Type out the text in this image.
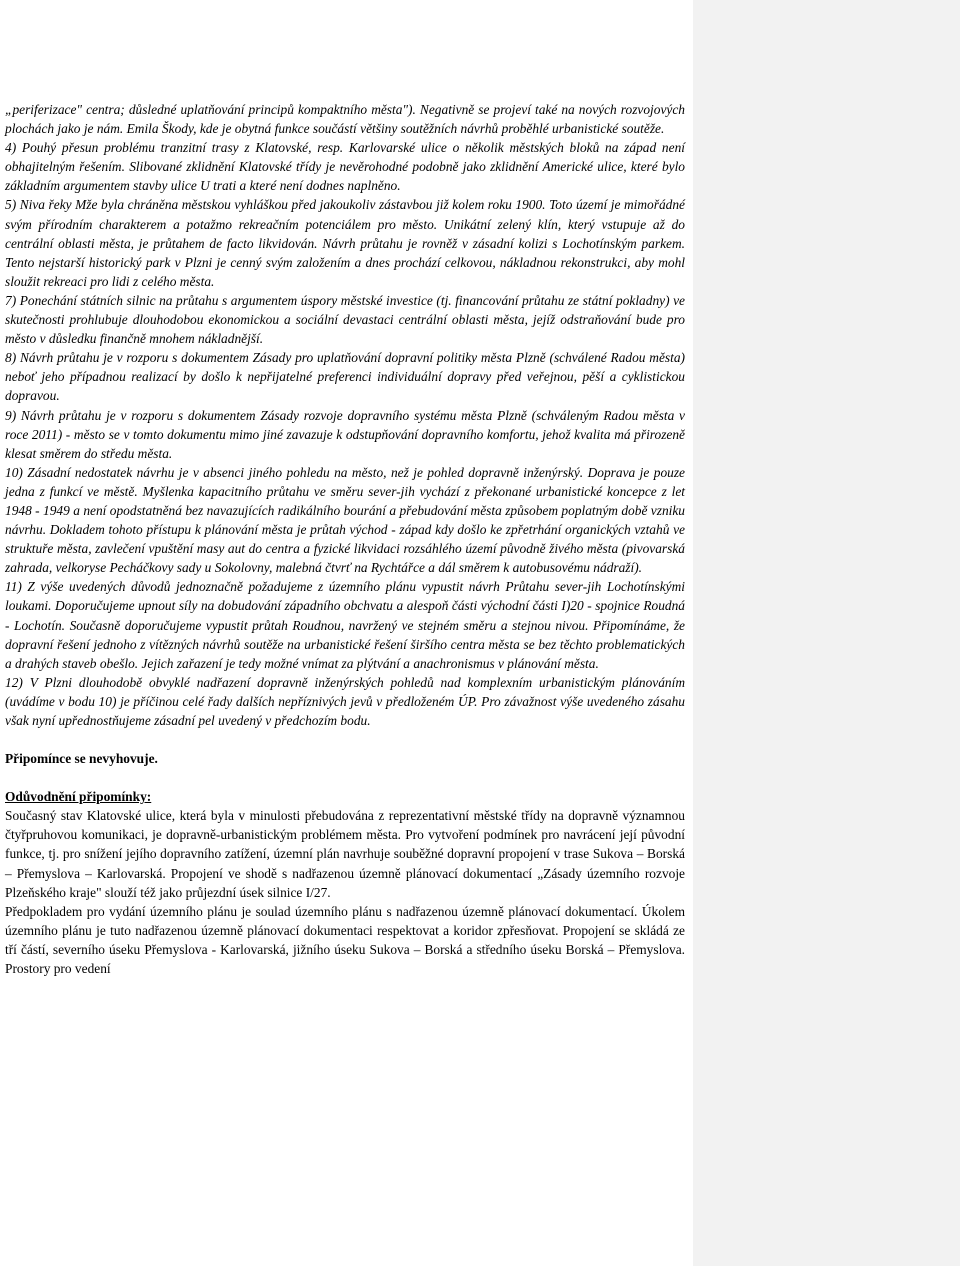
„periferizace" centra; důsledné uplatňování principů kompaktního města"). Negativně se projeví také na nových rozvojových plochách jako je nám. Emila Škody, kde je obytná funkce součástí většiny soutěžních návrhů proběhlé urbanistické soutěže.

4) Pouhý přesun problému tranzitní trasy z Klatovské, resp. Karlovarské ulice o několik městských bloků na západ není obhajitelným řešením. Slibované zklidnění Klatovské třídy je nevěrohodné podobně jako zklidnění Americké ulice, které bylo základním argumentem stavby ulice U trati a které není dodnes naplněno.

5) Niva řeky Mže byla chráněna městskou vyhláškou před jakoukoliv zástavbou již kolem roku 1900. Toto území je mimořádné svým přírodním charakterem a potažmo rekreačním potenciálem pro město. Unikátní zelený klín, který vstupuje až do centrální oblasti města, je průtahem de facto likvidován. Návrh průtahu je rovněž v zásadní kolizi s Lochotínským parkem. Tento nejstarší historický park v Plzni je cenný svým založením a dnes prochází celkovou, nákladnou rekonstrukci, aby mohl sloužit rekreaci pro lidi z celého města.

7) Ponechání státních silnic na průtahu s argumentem úspory městské investice (tj. financování průtahu ze státní pokladny) ve skutečnosti prohlubuje dlouhodobou ekonomickou a sociální devastaci centrální oblasti města, jejíž odstraňování bude pro město v důsledku finančně mnohem nákladnější.

8) Návrh průtahu je v rozporu s dokumentem Zásady pro uplatňování dopravní politiky města Plzně (schválené Radou města) neboť jeho případnou realizací by došlo k nepřijatelné preferenci individuální dopravy před veřejnou, pěší a cyklistickou dopravou.

9) Návrh průtahu je v rozporu s dokumentem Zásady rozvoje dopravního systému města Plzně (schváleným Radou města v roce 2011) - město se v tomto dokumentu mimo jiné zavazuje k odstupňování dopravního komfortu, jehož kvalita má přirozeně klesat směrem do středu města.

10) Zásadní nedostatek návrhu je v absenci jiného pohledu na město, než je pohled dopravně inženýrský. Doprava je pouze jedna z funkcí ve městě. Myšlenka kapacitního průtahu ve směru sever-jih vychází z překonané urbanistické koncepce z let 1948 - 1949 a není opodstatněná bez navazujících radikálního bourání a přebudování města způsobem poplatným době vzniku návrhu. Dokladem tohoto přístupu k plánování města je průtah východ - západ kdy došlo ke zpřetrhání organických vztahů ve struktuře města, zavlečení vpuštění masy aut do centra a fyzické likvidaci rozsáhlého území původně živého města (pivovarská zahrada, velkoryse Pecháčkovy sady u Sokolovny, malebná čtvrť na Rychtářce a dál směrem k autobusovému nádraží).

11) Z výše uvedených důvodů jednoznačně požadujeme z územního plánu vypustit návrh Průtahu sever-jih Lochotínskými loukami. Doporučujeme upnout síly na dobudování západního obchvatu a alespoň části východní části I)20 - spojnice Roudná - Lochotín. Současně doporučujeme vypustit průtah Roudnou, navržený ve stejném směru a stejnou nivou. Připomínáme, že dopravní řešení jednoho z vítězných návrhů soutěže na urbanistické řešení širšího centra města se bez těchto problematických a drahých staveb obešlo. Jejich zařazení je tedy možné vnímat za plýtvání a anachronismus v plánování města.

12) V Plzni dlouhodobě obvyklé nadřazení dopravně inženýrských pohledů nad komplexním urbanistickým plánováním (uvádíme v bodu 10) je příčinou celé řady dalších nepříznivých jevů v předloženém ÚP. Pro závažnost výše uvedeného zásahu však nyní upřednostňujeme zásadní pel uvedený v předchozím bodu.

Připomínce se nevyhovuje.

Odůvodnění připomínky:

Současný stav Klatovské ulice, která byla v minulosti přebudována z reprezentativní městské třídy na dopravně významnou čtyřpruhovou komunikaci, je dopravně-urbanistickým problémem města. Pro vytvoření podmínek pro navrácení její původní funkce, tj. pro snížení jejího dopravního zatížení, územní plán navrhuje souběžné dopravní propojení v trase Sukova – Borská – Přemyslova – Karlovarská. Propojení ve shodě s nadřazenou územně plánovací dokumentací „Zásady územního rozvoje Plzeňského kraje" slouží též jako průjezdní úsek silnice I/27.

Předpokladem pro vydání územního plánu je soulad územního plánu s nadřazenou územně plánovací dokumentací. Úkolem územního plánu je tuto nadřazenou územně plánovací dokumentaci respektovat a koridor zpřesňovat. Propojení se skládá ze tří částí, severního úseku Přemyslova - Karlovarská, jižního úseku Sukova – Borská a středního úseku Borská – Přemyslova. Prostory pro vedení
